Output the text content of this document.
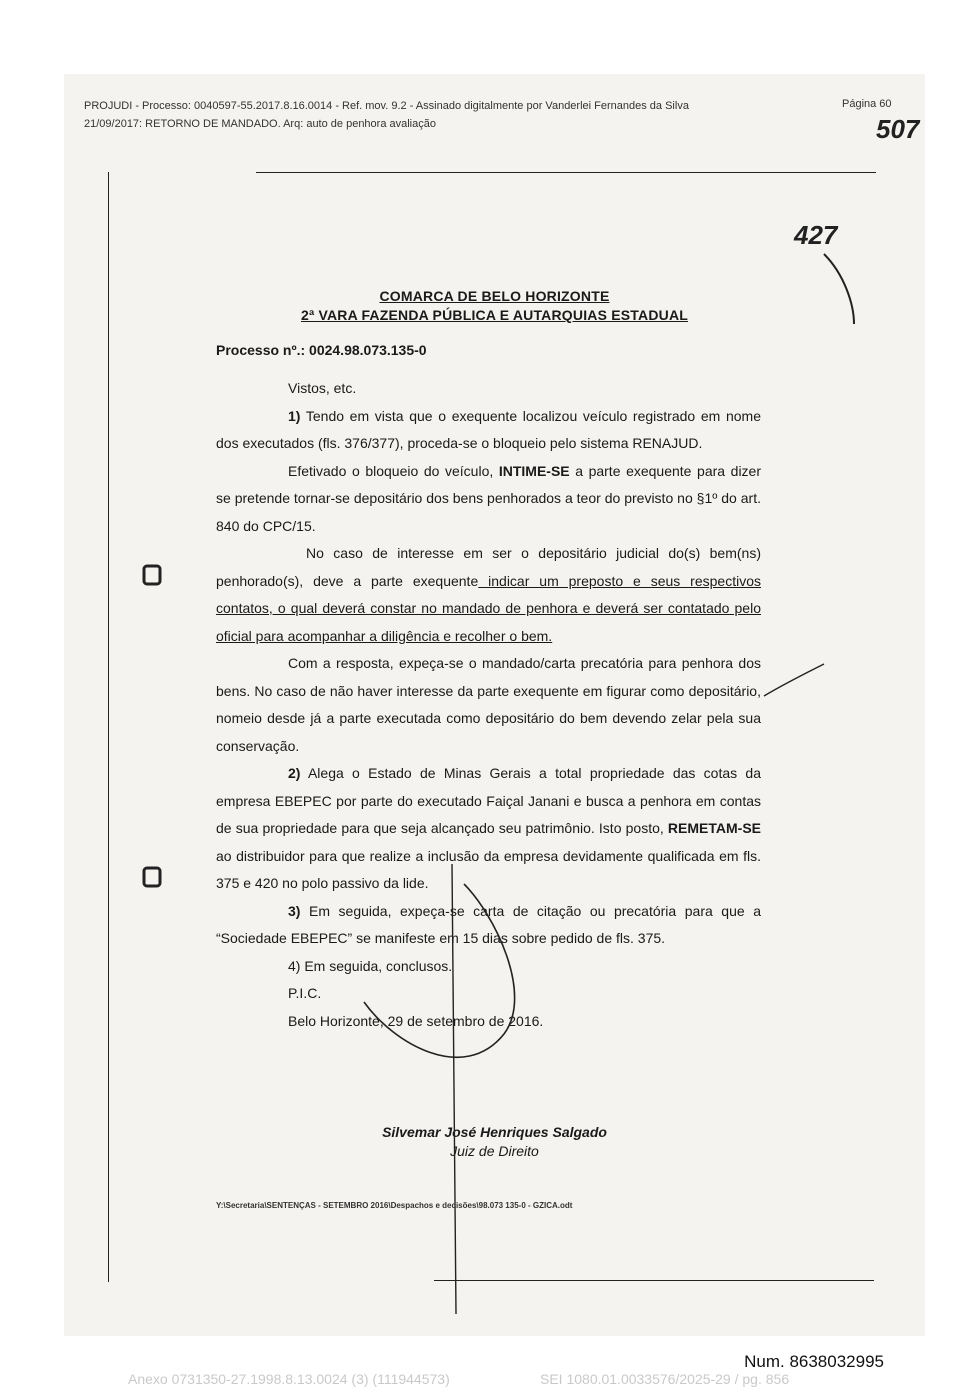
PROJUDI - Processo: 0040597-55.2017.8.16.0014 - Ref. mov. 9.2 - Assinado digitalmente por Vanderlei Fernandes da Silva
21/09/2017: RETORNO DE MANDADO. Arq: auto de penhora avaliação
Página 60
507
427
COMARCA DE BELO HORIZONTE
2ª VARA FAZENDA PÚBLICA E AUTARQUIAS ESTADUAL
Processo nº.: 0024.98.073.135-0

Vistos, etc.

1) Tendo em vista que o exequente localizou veículo registrado em nome dos executados (fls. 376/377), proceda-se o bloqueio pelo sistema RENAJUD.

Efetivado o bloqueio do veículo, INTIME-SE a parte exequente para dizer se pretende tornar-se depositário dos bens penhorados a teor do previsto no §1º do art. 840 do CPC/15.

No caso de interesse em ser o depositário judicial do(s) bem(ns) penhorado(s), deve a parte exequente indicar um preposto e seus respectivos contatos, o qual deverá constar no mandado de penhora e deverá ser contatado pelo oficial para acompanhar a diligência e recolher o bem.

Com a resposta, expeça-se o mandado/carta precatória para penhora dos bens. No caso de não haver interesse da parte exequente em figurar como depositário, nomeio desde já a parte executada como depositário do bem devendo zelar pela sua conservação.

2) Alega o Estado de Minas Gerais a total propriedade das cotas da empresa EBEPEC por parte do executado Faiçal Janani e busca a penhora em contas de sua propriedade para que seja alcançado seu patrimônio. Isto posto, REMETAM-SE ao distribuidor para que realize a inclusão da empresa devidamente qualificada em fls. 375 e 420 no polo passivo da lide.

3) Em seguida, expeça-se carta de citação ou precatória para que a “Sociedade EBEPEC” se manifeste em 15 dias sobre pedido de fls. 375.

4) Em seguida, conclusos.

P.I.C.

Belo Horizonte, 29 de setembro de 2016.

Silvemar José Henriques Salgado
Juiz de Direito
Y:\Secretaria\SENTENÇAS - SETEMBRO 2016\Despachos e decisões\98.073 135-0 - GZICA.odt
Num. 8638032995
Anexo 0731350-27.1998.8.13.0024 (3) (111944573)	SEI 1080.01.0033576/2025-29 / pg. 856
